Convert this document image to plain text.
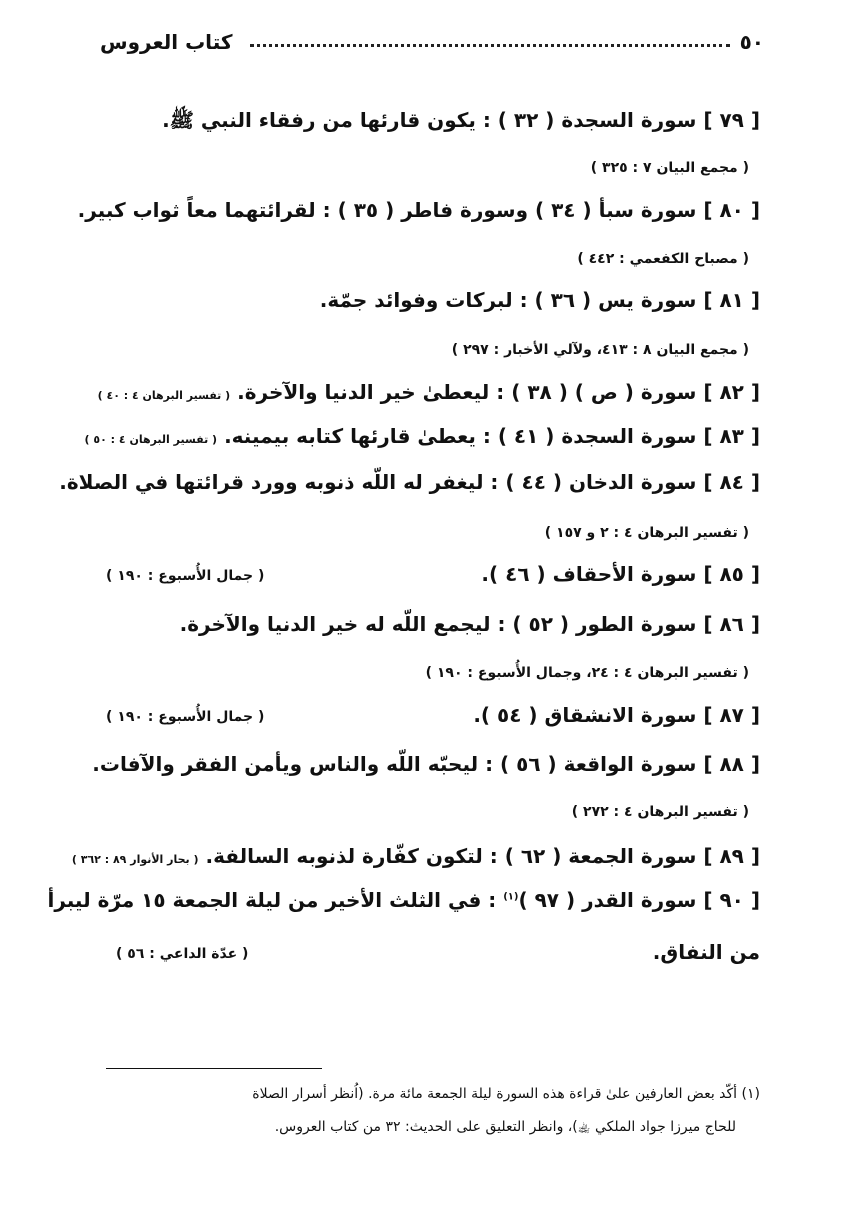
٥٠
كتاب العروس
[ ٧٩ ] سورة السجدة ( ٣٢ ) : يكون قارئها من رفقاء النبي ﷺ.
( مجمع البيان ٧ : ٣٢٥ )
[ ٨٠ ] سورة سبأ ( ٣٤ ) وسورة فاطر ( ٣٥ ) : لقرائتهما معاً ثواب كبير.
( مصباح الكفعمي : ٤٤٢ )
[ ٨١ ] سورة يس ( ٣٦ ) : لبركات وفوائد جمّة.
( مجمع البيان ٨ : ٤١٣، ولآلي الأخبار : ٢٩٧ )
[ ٨٢ ] سورة ( ص ) ( ٣٨ ) : ليعطىٰ خير الدنيا والآخرة. ( تفسير البرهان ٤ : ٤٠ )
[ ٨٣ ] سورة السجدة ( ٤١ ) : يعطىٰ قارئها كتابه بيمينه. ( تفسير البرهان ٤ : ٥٠ )
[ ٨٤ ] سورة الدخان ( ٤٤ ) : ليغفر له اللّه ذنوبه وورد قرائتها في الصلاة.
( تفسير البرهان ٤ : ٢ و ١٥٧ )
[ ٨٥ ] سورة الأحقاف ( ٤٦ ).
( جمال الأُسبوع : ١٩٠ )
[ ٨٦ ] سورة الطور ( ٥٢ ) : ليجمع اللّه له خير الدنيا والآخرة.
( تفسير البرهان ٤ : ٢٤، وجمال الأُسبوع : ١٩٠ )
[ ٨٧ ] سورة الانشقاق ( ٥٤ ).
( جمال الأُسبوع : ١٩٠ )
[ ٨٨ ] سورة الواقعة ( ٥٦ ) : ليحبّه اللّه والناس ويأمن الفقر والآفات.
( تفسير البرهان ٤ : ٢٧٢ )
[ ٨٩ ] سورة الجمعة ( ٦٢ ) : لتكون كفّارة لذنوبه السالفة. ( بحار الأنوار ٨٩ : ٣٦٢ )
[ ٩٠ ] سورة القدر ( ٩٧ )$^{(١)}$ : في الثلث الأخير من ليلة الجمعة ١٥ مرّة ليبرأ
من النفاق.
( عدّة الداعي : ٥٦ )
(١) أكّد بعض العارفين علىٰ قراءة هذه السورة ليلة الجمعة مائة مرة. (اُنظر أسرار الصلاة
للحاج ميرزا جواد الملكي ﵀)، وانظر التعليق على الحديث: ٣٢ من كتاب العروس.
